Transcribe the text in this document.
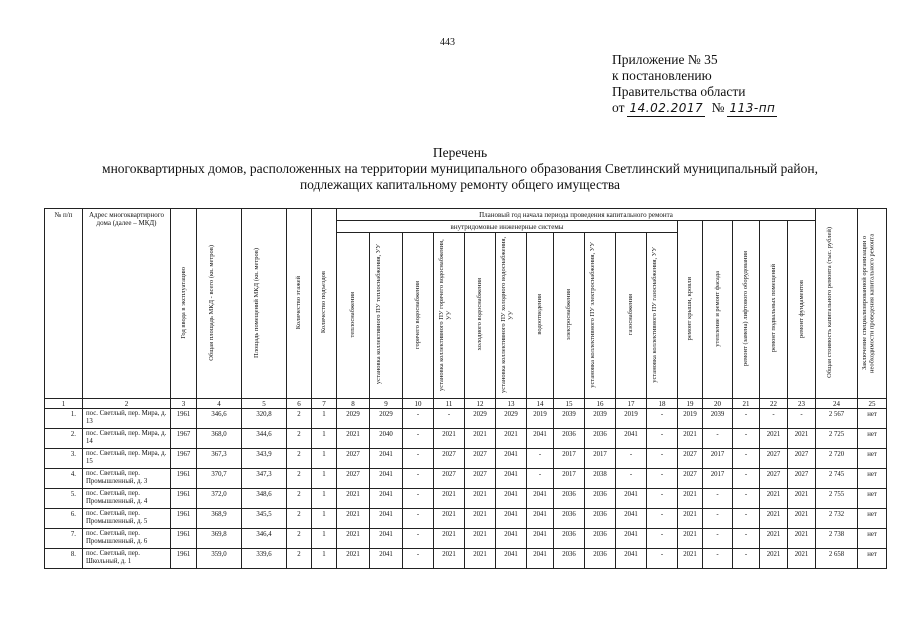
443
Приложение № 35
к постановлению
Правительства области
от 14.02.2017 № 113-пп
Перечень
многоквартирных домов, расположенных на территории муниципального образования Светлинский муниципальный район,
подлежащих капитальному ремонту общего имущества
№ п/п	Адрес многоквартирного дома (далее – МКД)	Год ввода в эксплуатацию	Общая площадь МКД - всего (кв. метров)	Площадь помещений МКД (кв. метров)	Количество этажей	Количество подъездов	Плановый год начала периода проведения капитального ремонта																Общая стоимость капитального ремонта (тыс. рублей)	Заключение специализированной организации о необходимости проведения капитального ремонта
							внутридомовые инженерные системы											ремонт крыши, кровли	утепление и ремонт фасада	ремонт (замена) лифтового оборудования	ремонт подвальных помещений	ремонт фундаментов		
							теплоснабжения	установка коллективного ПУ теплоснабжения, УУ	горячего водоснабжения	установка коллективного ПУ горячего водоснабжения, УУ	холодного водоснабжения	установка коллективного ПУ холодного водоснабжения, УУ	водоотведения	электроснабжения	установка коллективного ПУ электроснабжения, УУ	газоснабжения	установка коллективного ПУ газоснабжения, УУ							
1	2	3	4	5	6	7	8	9	10	11	12	13	14	15	16	17	18	19	20	21	22	23	24	25
1.	пос. Светлый, пер. Мира, д. 13	1961	346,6	320,8	2	1	2029	2029	-	-	2029	2029	2019	2039	2039	2019	-	2019	2039	-	-	-	2 567	нет
2.	пос. Светлый, пер. Мира, д. 14	1967	368,0	344,6	2	1	2021	2040	-	2021	2021	2021	2041	2036	2036	2041	-	2021	-	-	2021	2021	2 725	нет
3.	пос. Светлый, пер. Мира, д. 15	1967	367,3	343,9	2	1	2027	2041	-	2027	2027	2041	-	2017	2017	-	-	2027	2017	-	2027	2027	2 720	нет
4.	пос. Светлый, пер. Промышленный, д. 3	1961	370,7	347,3	2	1	2027	2041	-	2027	2027	2041	-	2017	2038	-	-	2027	2017	-	2027	2027	2 745	нет
5.	пос. Светлый, пер. Промышленный, д. 4	1961	372,0	348,6	2	1	2021	2041	-	2021	2021	2041	2041	2036	2036	2041	-	2021	-	-	2021	2021	2 755	нет
6.	пос. Светлый, пер. Промышленный, д. 5	1961	368,9	345,5	2	1	2021	2041	-	2021	2021	2041	2041	2036	2036	2041	-	2021	-	-	2021	2021	2 732	нет
7.	пос. Светлый, пер. Промышленный, д. 6	1961	369,8	346,4	2	1	2021	2041	-	2021	2021	2041	2041	2036	2036	2041	-	2021	-	-	2021	2021	2 738	нет
8.	пос. Светлый, пер. Школьный, д. 1	1961	359,0	339,6	2	1	2021	2041	-	2021	2021	2041	2041	2036	2036	2041	-	2021	-	-	2021	2021	2 658	нет
